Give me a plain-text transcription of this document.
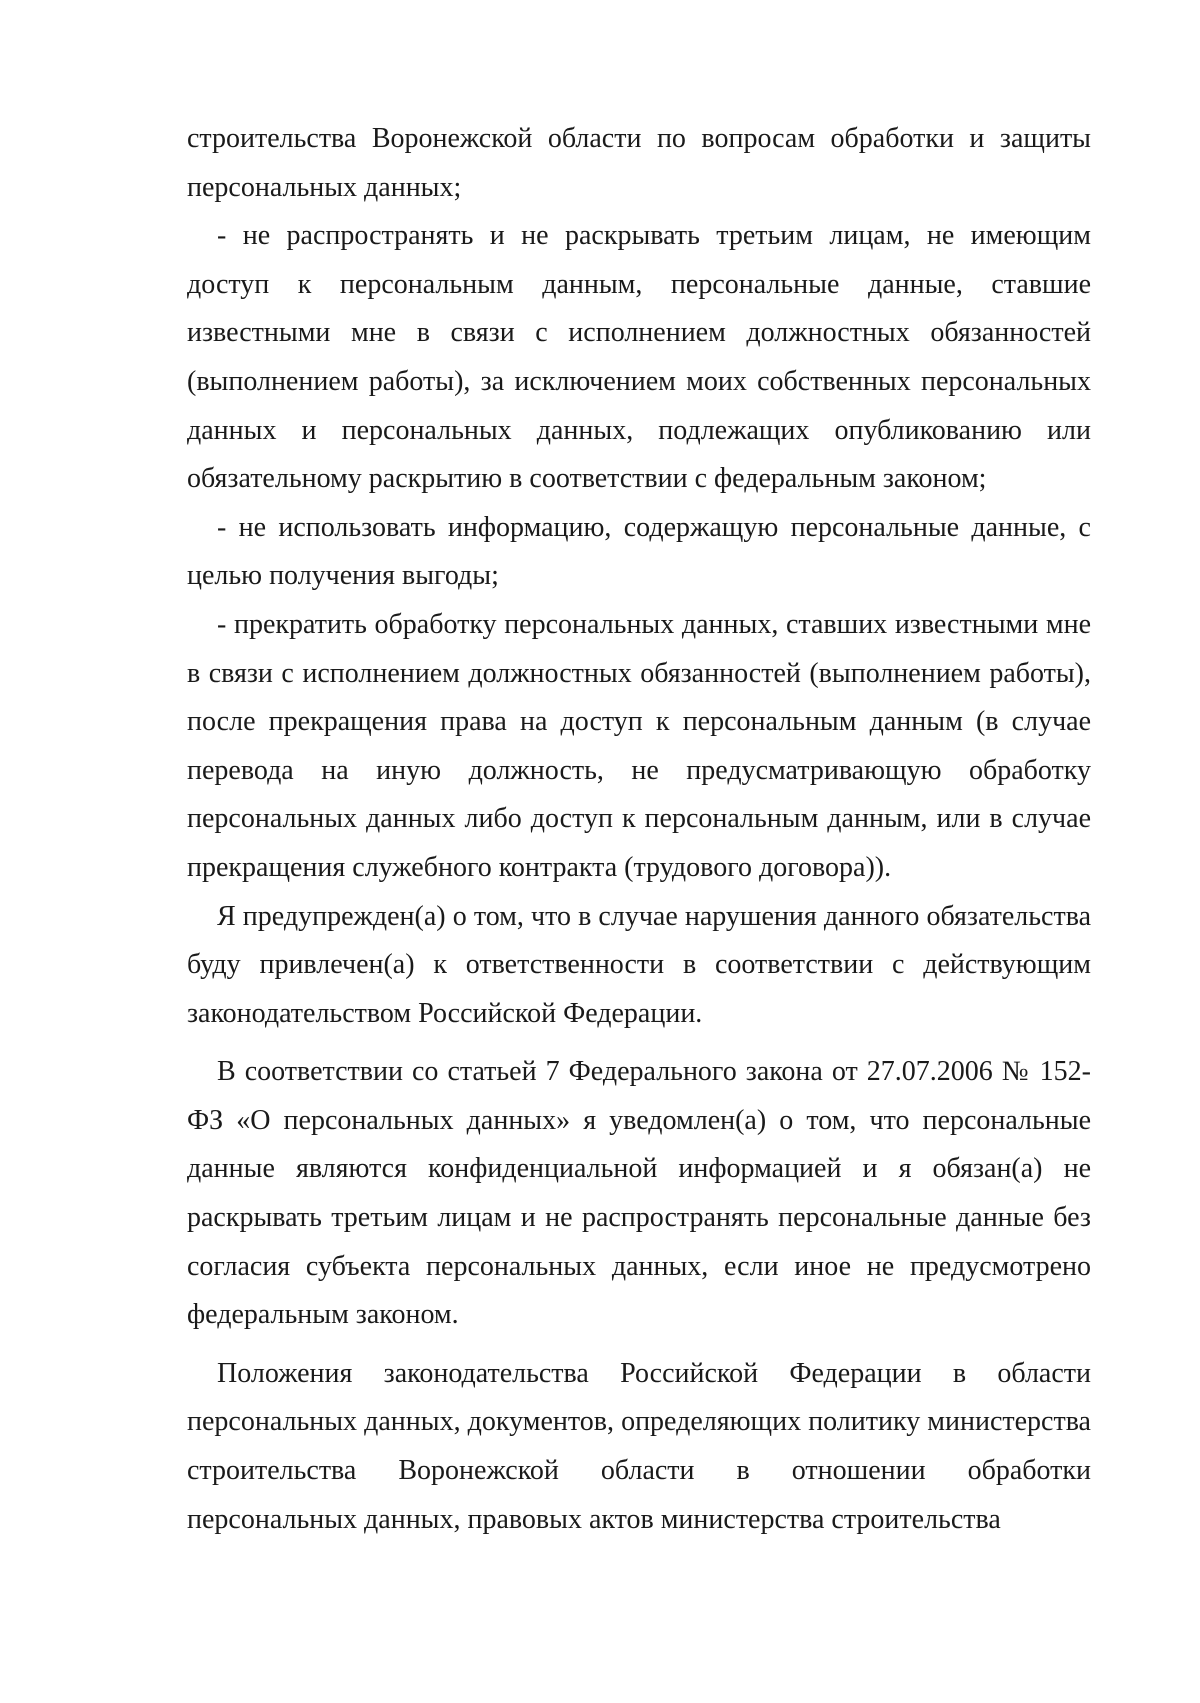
строительства Воронежской области по вопросам обработки и защиты персональных данных;

- не распространять и не раскрывать третьим лицам, не имеющим доступ к персональным данным, персональные данные, ставшие известными мне в связи с исполнением должностных обязанностей (выполнением работы), за исключением моих собственных персональных данных и персональных данных, подлежащих опубликованию или обязательному раскрытию в соответствии с федеральным законом;

- не использовать информацию, содержащую персональные данные, с целью получения выгоды;

- прекратить обработку персональных данных, ставших известными мне в связи с исполнением должностных обязанностей (выполнением работы), после прекращения права на доступ к персональным данным (в случае перевода на иную должность, не предусматривающую обработку персональных данных либо доступ к персональным данным, или в случае прекращения служебного контракта (трудового договора)).

Я предупрежден(а) о том, что в случае нарушения данного обязательства буду привлечен(а) к ответственности в соответствии с действующим законодательством Российской Федерации.

В соответствии со статьей 7 Федерального закона от 27.07.2006 № 152-ФЗ «О персональных данных» я уведомлен(а) о том, что персональные данные являются конфиденциальной информацией и я обязан(а) не раскрывать третьим лицам и не распространять персональные данные без согласия субъекта персональных данных, если иное не предусмотрено федеральным законом.

Положения законодательства Российской Федерации в области персональных данных, документов, определяющих политику министерства строительства Воронежской области в отношении обработки персональных данных, правовых актов министерства строительства
